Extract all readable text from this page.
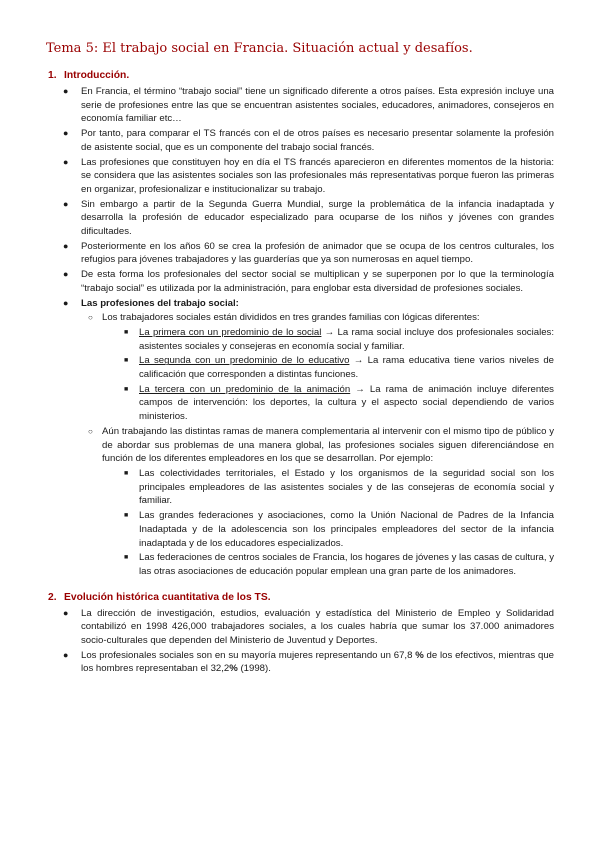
Tema 5: El trabajo social en Francia. Situación actual y desafíos.
1. Introducción.
● En Francia, el término “trabajo social” tiene un significado diferente a otros países. Esta expresión incluye una serie de profesiones entre las que se encuentran asistentes sociales, educadores, animadores, consejeros en economía familiar etc…
● Por tanto, para comparar el TS francés con el de otros países es necesario presentar solamente la profesión de asistente social, que es un componente del trabajo social francés.
● Las profesiones que constituyen hoy en día el TS francés aparecieron en diferentes momentos de la historia: se considera que las asistentes sociales son las profesionales más representativas porque fueron las primeras en organizar, profesionalizar e institucionalizar su trabajo.
● Sin embargo a partir de la Segunda Guerra Mundial, surge la problemática de la infancia inadaptada y desarrolla la profesión de educador especializado para ocuparse de los niños y jóvenes con grandes dificultades.
● Posteriormente en los años 60 se crea la profesión de animador que se ocupa de los centros culturales, los refugios para jóvenes trabajadores y las guarderías que ya son numerosas en aquel tiempo.
● De esta forma los profesionales del sector social se multiplican y se superponen por lo que la terminología “trabajo social” es utilizada por la administración, para englobar esta diversidad de profesiones sociales.
● Las profesiones del trabajo social:
○ Los trabajadores sociales están divididos en tres grandes familias con lógicas diferentes:
■ La primera con un predominio de lo social → La rama social incluye dos profesionales sociales: asistentes sociales y consejeras en economía social y familiar.
■ La segunda con un predominio de lo educativo → La rama educativa tiene varios niveles de calificación que corresponden a distintas funciones.
■ La tercera con un predominio de la animación → La rama de animación incluye diferentes campos de intervención: los deportes, la cultura y el aspecto social dependiendo de varios ministerios.
○ Aún trabajando las distintas ramas de manera complementaria al intervenir con el mismo tipo de público y de abordar sus problemas de una manera global, las profesiones sociales siguen diferenciándose en función de los diferentes empleadores en los que se desarrollan. Por ejemplo:
■ Las colectividades territoriales, el Estado y los organismos de la seguridad social son los principales empleadores de las asistentes sociales y de las consejeras de economía social y familiar.
■ Las grandes federaciones y asociaciones, como la Unión Nacional de Padres de la Infancia Inadaptada y de la adolescencia son los principales empleadores del sector de la infancia inadaptada y de los educadores especializados.
■ Las federaciones de centros sociales de Francia, los hogares de jóvenes y las casas de cultura, y las otras asociaciones de educación popular emplean una gran parte de los animadores.
2. Evolución histórica cuantitativa de los TS.
● La dirección de investigación, estudios, evaluación y estadística del Ministerio de Empleo y Solidaridad contabilizó en 1998 426,000 trabajadores sociales, a los cuales habría que sumar los 37.000 animadores socio-culturales que dependen del Ministerio de Juventud y Deportes.
● Los profesionales sociales son en su mayoría mujeres representando un 67,8 % de los efectivos, mientras que los hombres representaban el 32,2% (1998).
